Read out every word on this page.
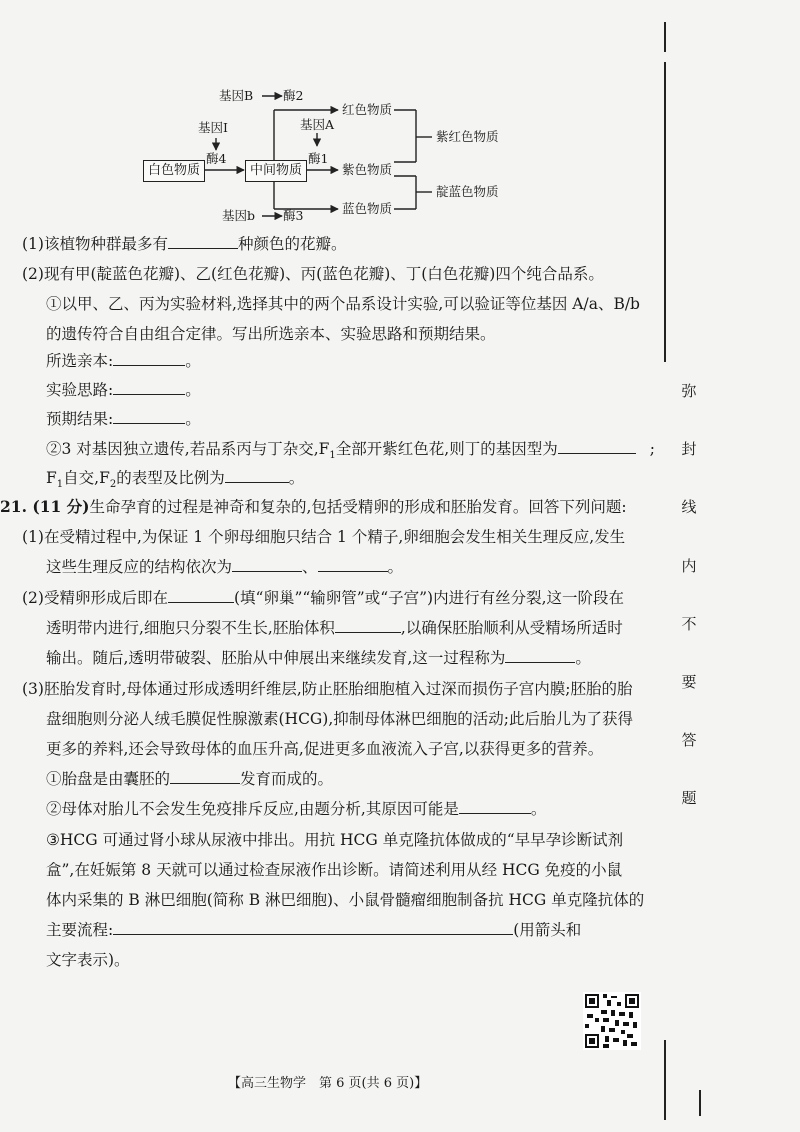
基因B 酶2
基因Ⅰ
酶4
基因A
酶1
白色物质	中间物质
红色物质
紫色物质
蓝色物质
紫红色物质
靛蓝色物质
基因b 酶3
(1)该植物种群最多有	种颜色的花瓣。
(2)现有甲(靛蓝色花瓣)、乙(红色花瓣)、丙(蓝色花瓣)、丁(白色花瓣)四个纯合品系。
①以甲、乙、丙为实验材料,选择其中的两个品系设计实验,可以验证等位基因 A/a、B/b
的遗传符合自由组合定律。写出所选亲本、实验思路和预期结果。
所选亲本:	。
实验思路:	。
预期结果:	。
②3 对基因独立遗传,若品系丙与丁杂交$,F_1$全部开紫红色花,则丁的基因型为	;
$F_1$自交$,F_2$的表型及比例为	。
21. (11 分)生命孕育的过程是神奇和复杂的,包括受精卵的形成和胚胎发育。回答下列问题:
(1)在受精过程中,为保证 1 个卵母细胞只结合 1 个精子,卵细胞会发生相关生理反应,发生
这些生理反应的结构依次为	、	。
(2)受精卵形成后即在	(填“卵巢”“输卵管”或“子宫”)内进行有丝分裂,这一阶段在
透明带内进行,细胞只分裂不生长,胚胎体积	,以确保胚胎顺利从受精场所适时
输出。随后,透明带破裂、胚胎从中伸展出来继续发育,这一过程称为	。
(3)胚胎发育时,母体通过形成透明纤维层,防止胚胎细胞植入过深而损伤子宫内膜;胚胎的胎
盘细胞则分泌人绒毛膜促性腺激素(HCG),抑制母体淋巴细胞的活动;此后胎儿为了获得
更多的养料,还会导致母体的血压升高,促进更多血液流入子宫,以获得更多的营养。
①胎盘是由囊胚的	发育而成的。
②母体对胎儿不会发生免疫排斥反应,由题分析,其原因可能是	。
③HCG 可通过肾小球从尿液中排出。用抗 HCG 单克隆抗体做成的“早早孕诊断试剂
盒”,在妊娠第 8 天就可以通过检查尿液作出诊断。请简述利用从经 HCG 免疫的小鼠
体内采集的 B 淋巴细胞(简称 B 淋巴细胞)、小鼠骨髓瘤细胞制备抗 HCG 单克隆抗体的
主要流程:	(用箭头和
文字表示)。
弥
封
线
内
不
要
答
题
【高三生物学　第 6 页(共 6 页)】
